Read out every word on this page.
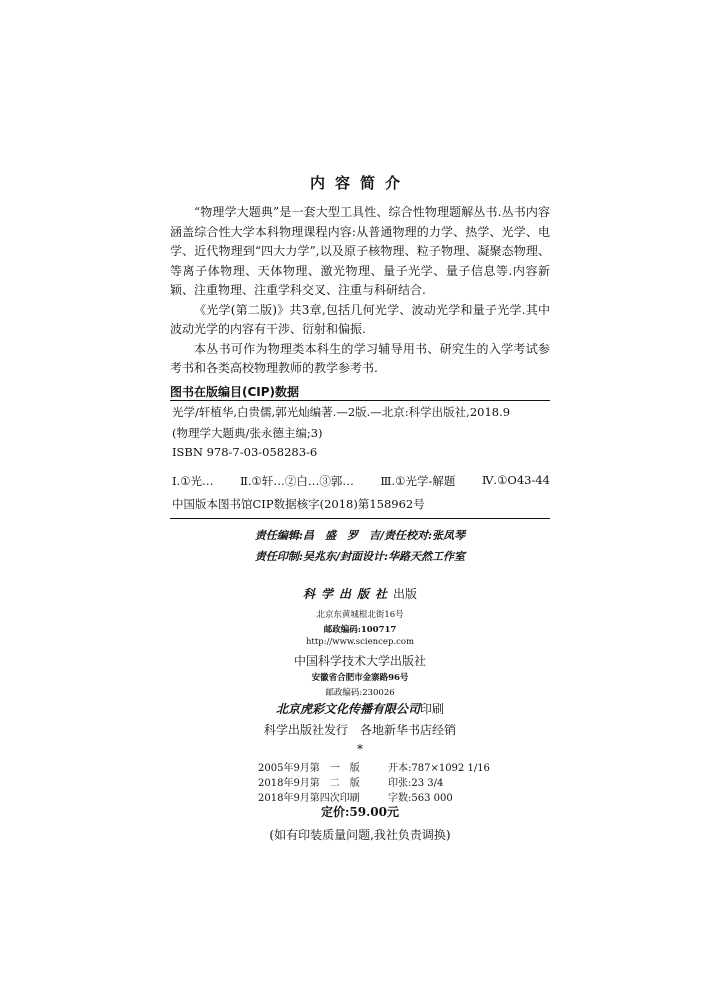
内容简介

“物理学大题典”是一套大型工具性、综合性物理题解丛书.丛书内容涵盖综合性大学本科物理课程内容:从普通物理的力学、热学、光学、电学、近代物理到“四大力学”,以及原子核物理、粒子物理、凝聚态物理、等离子体物理、天体物理、激光物理、量子光学、量子信息等.内容新颖、注重物理、注重学科交叉、注重与科研结合.

《光学(第二版)》共3章,包括几何光学、波动光学和量子光学.其中波动光学的内容有干涉、衍射和偏振.

本丛书可作为物理类本科生的学习辅导用书、研究生的入学考试参考书和各类高校物理教师的教学参考书.

图书在版编目(CIP)数据
光学/轩植华,白贵儒,郭光灿编著.—2版.—北京:科学出版社,2018.9
(物理学大题典/张永德主编;3)
ISBN 978-7-03-058283-6
Ⅰ.①光… Ⅱ.①轩…②白…③郭… Ⅲ.①光学-解题 Ⅳ.①O43-44
中国版本图书馆CIP数据核字(2018)第158962号
责任编辑:昌　盛　罗　吉/责任校对:张凤琴
责任印制:吴兆东/封面设计:华路天然工作室
科学出版社出版
北京东黄城根北街16号
邮政编码:100717
http://www.sciencep.com
中国科学技术大学出版社
安徽省合肥市金寨路96号
邮政编码:230026
北京虎彩文化传播有限公司印刷
科学出版社发行　各地新华书店经销
*
2005年9月第　一　版	开本:787×1092 1/16
2018年9月第　二　版	印张:23 3/4
2018年9月第四次印刷	字数:563 000
定价:59.00元
(如有印装质量问题,我社负责调换)
